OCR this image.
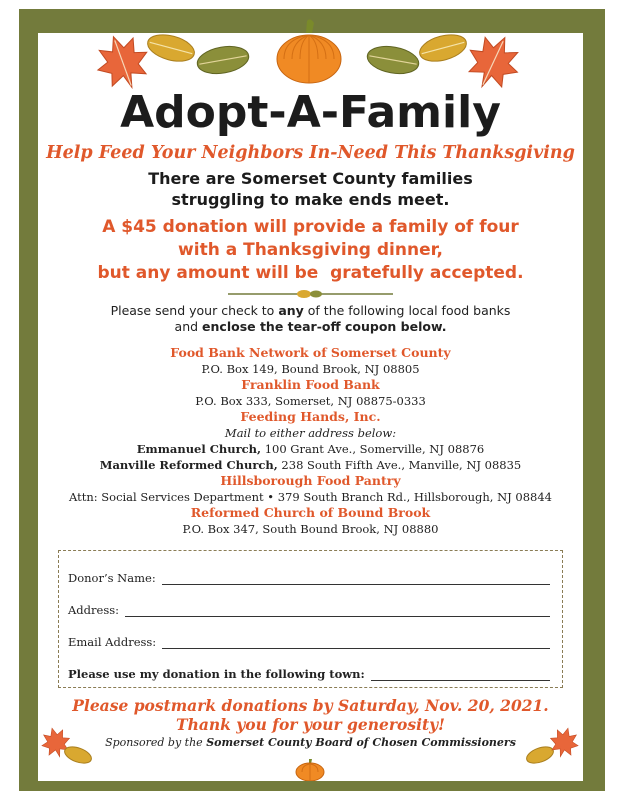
Adopt-A-Family
Help Feed Your Neighbors In-Need This Thanksgiving
There are Somerset County families
struggling to make ends meet.
A $45 donation will provide a family of four
with a Thanksgiving dinner,
but any amount will be  gratefully accepted.
Please send your check to any of the following local food banks
and enclose the tear-off coupon below.
Food Bank Network of Somerset County
P.O. Box 149, Bound Brook, NJ 08805
Franklin Food Bank
P.O. Box 333, Somerset, NJ 08875-0333
Feeding Hands, Inc.
Mail to either address below:
Emmanuel Church, 100 Grant Ave., Somerville, NJ 08876
Manville Reformed Church, 238 South Fifth Ave., Manville, NJ 08835
Hillsborough Food Pantry
Attn: Social Services Department • 379 South Branch Rd., Hillsborough, NJ 08844
Reformed Church of Bound Brook
P.O. Box 347, South Bound Brook, NJ 08880
Donor’s Name:
Address:
Email Address:
Please use my donation in the following town:
Please postmark donations by Saturday, Nov. 20, 2021.
Thank you for your generosity!
Sponsored by the Somerset County Board of Chosen Commissioners
